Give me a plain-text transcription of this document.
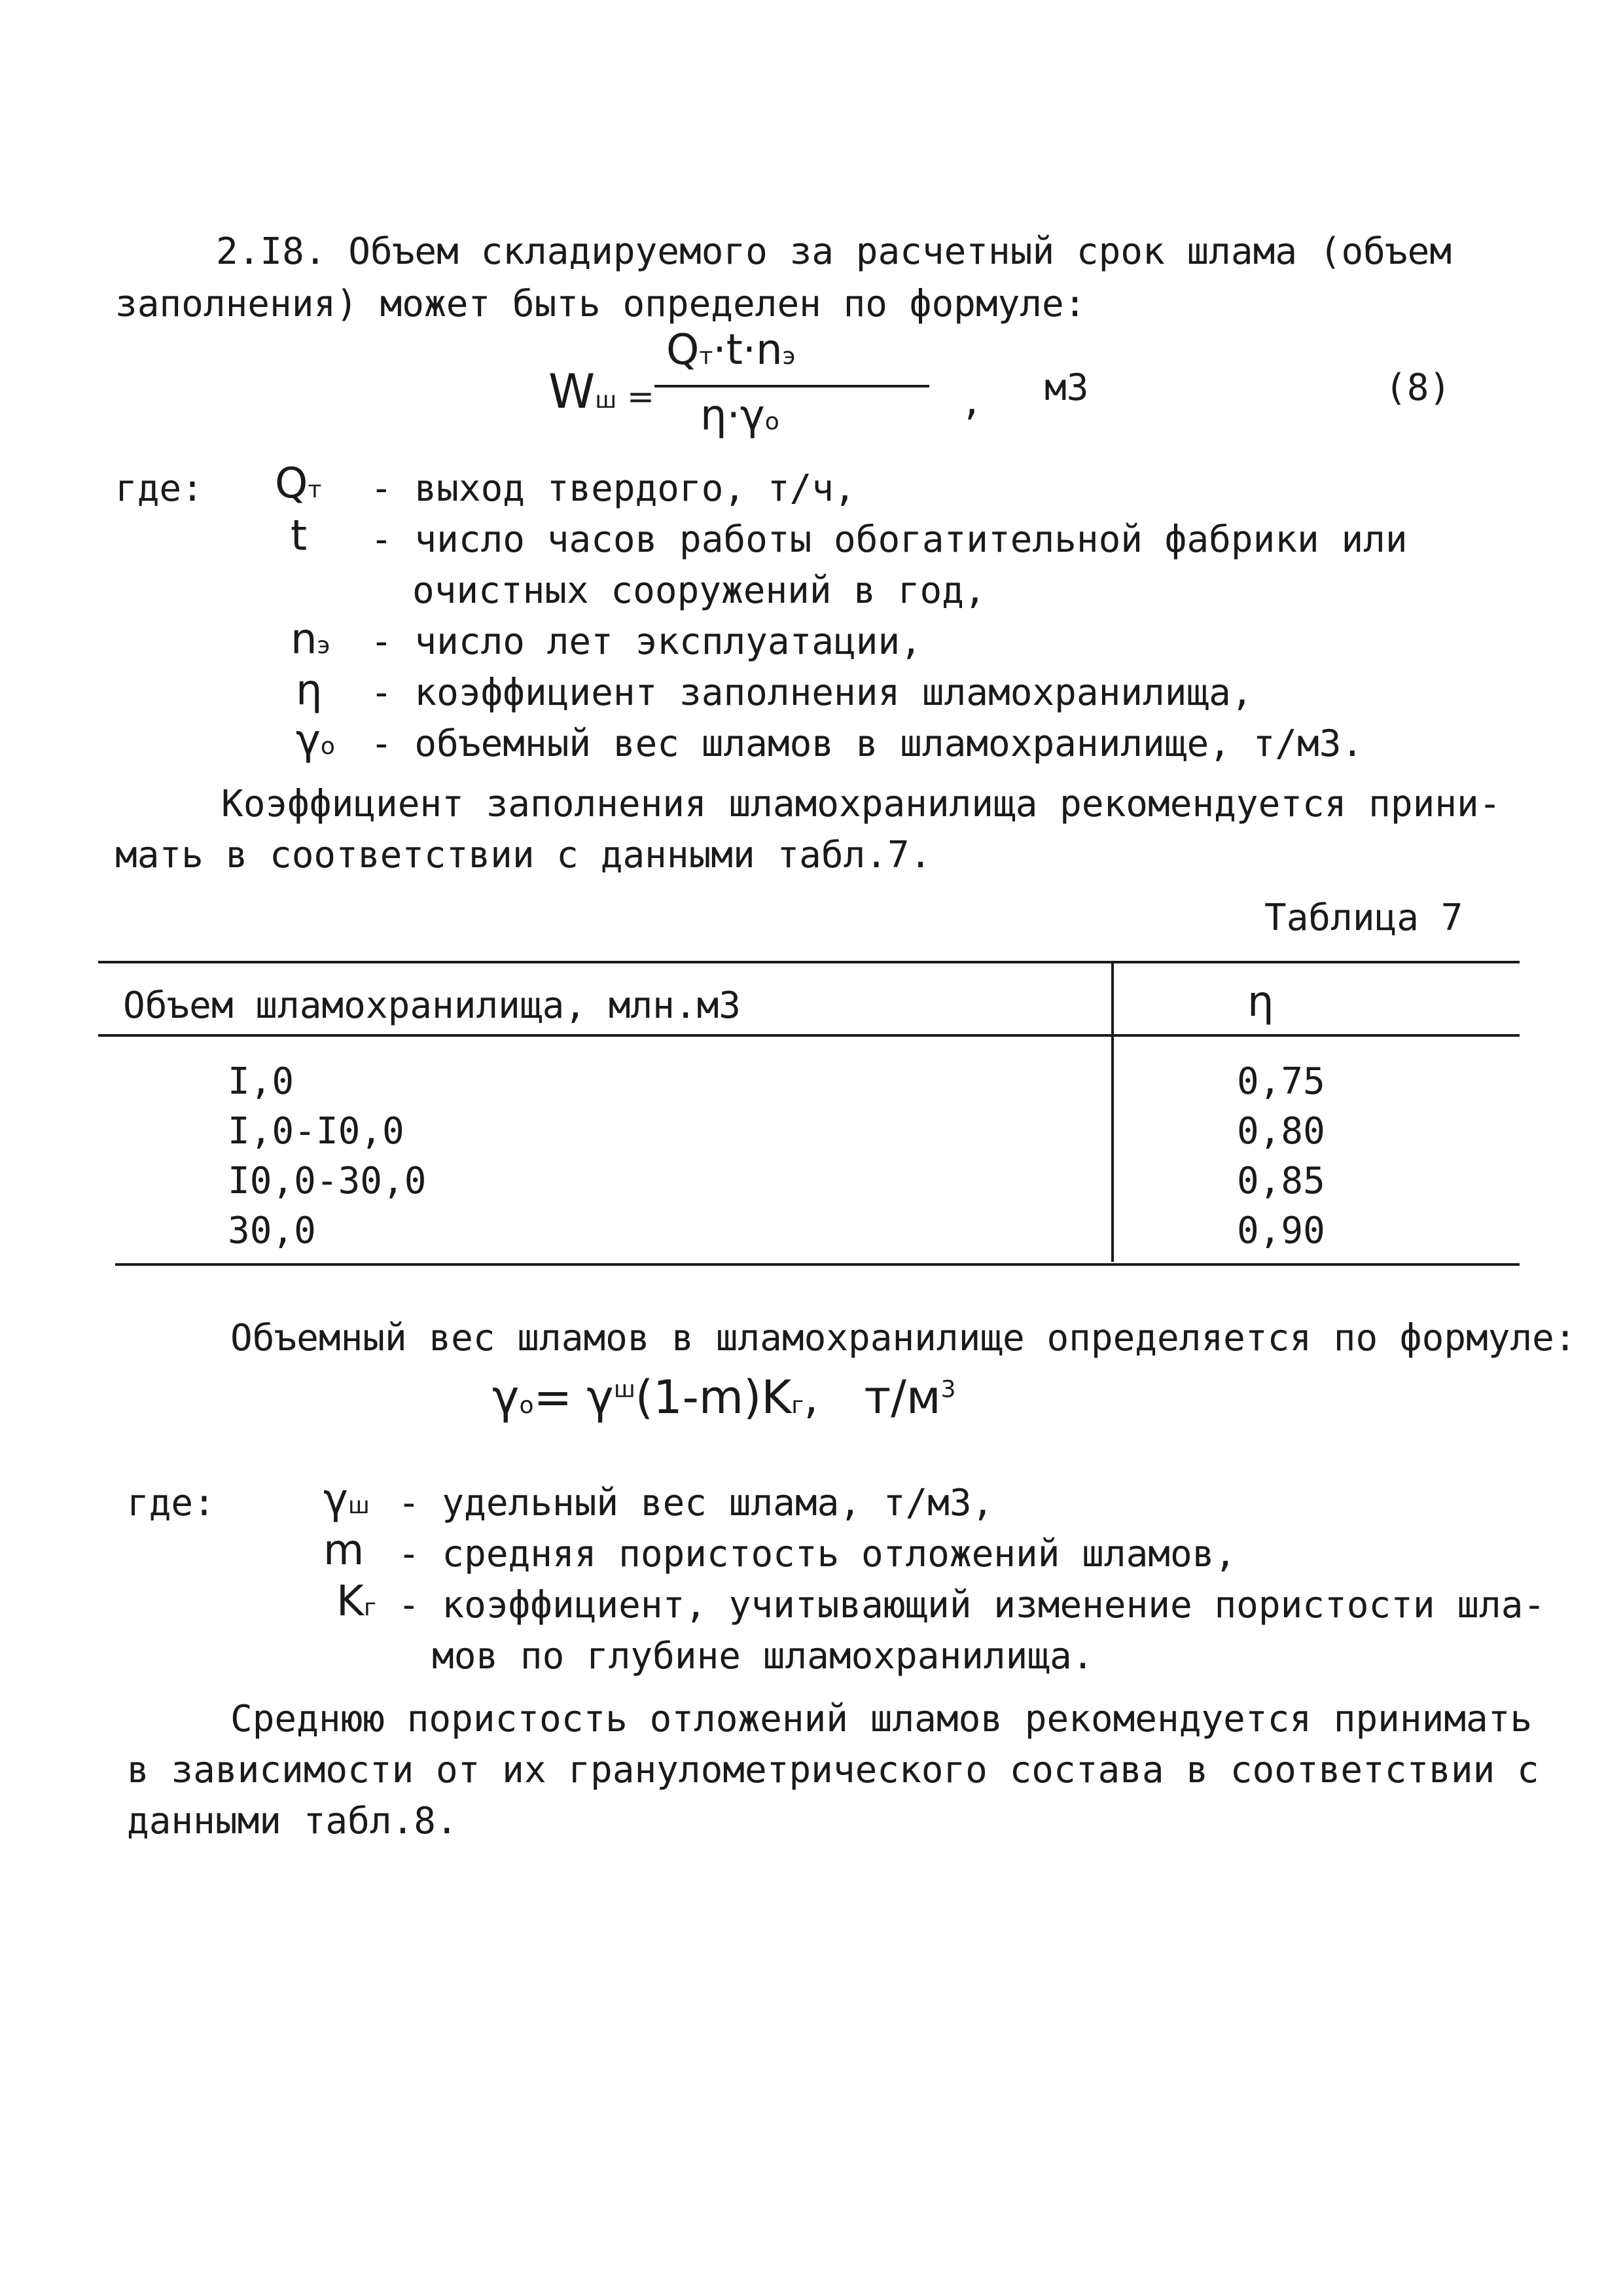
2.I8. Объем складируемого за расчетный срок шлама (объем
заполнения) может быть определен по формуле:
Wш =
Qт·t·nэ
η·γо	, м3	(8)
где: Qт - выход твердого, т/ч,
t - число часов работы обогатительной фабрики или
очистных сооружений в год,
nэ - число лет эксплуатации,
η - коэффициент заполнения шламохранилища,
γо - объемный вес шламов в шламохранилище, т/м3.
Коэффициент заполнения шламохранилища рекомендуется прини-
мать в соответствии с данными табл.7.
Таблица 7
Объем шламохранилища, млн.м3	η
I,0	0,75
I,0-I0,0	0,80
I0,0-30,0	0,85
30,0	0,90
Объемный вес шламов в шламохранилище определяется по формуле:
$\gamma о= \gamma^ш(1-m)Kг$, $т/м^3$
где:	γш - удельный вес шлама, т/м3,
m - средняя пористость отложений шламов,
Kг - коэффициент, учитывающий изменение пористости шла-
мов по глубине шламохранилища.
Среднюю пористость отложений шламов рекомендуется принимать
в зависимости от их гранулометрического состава в соответствии с
данными табл.8.
